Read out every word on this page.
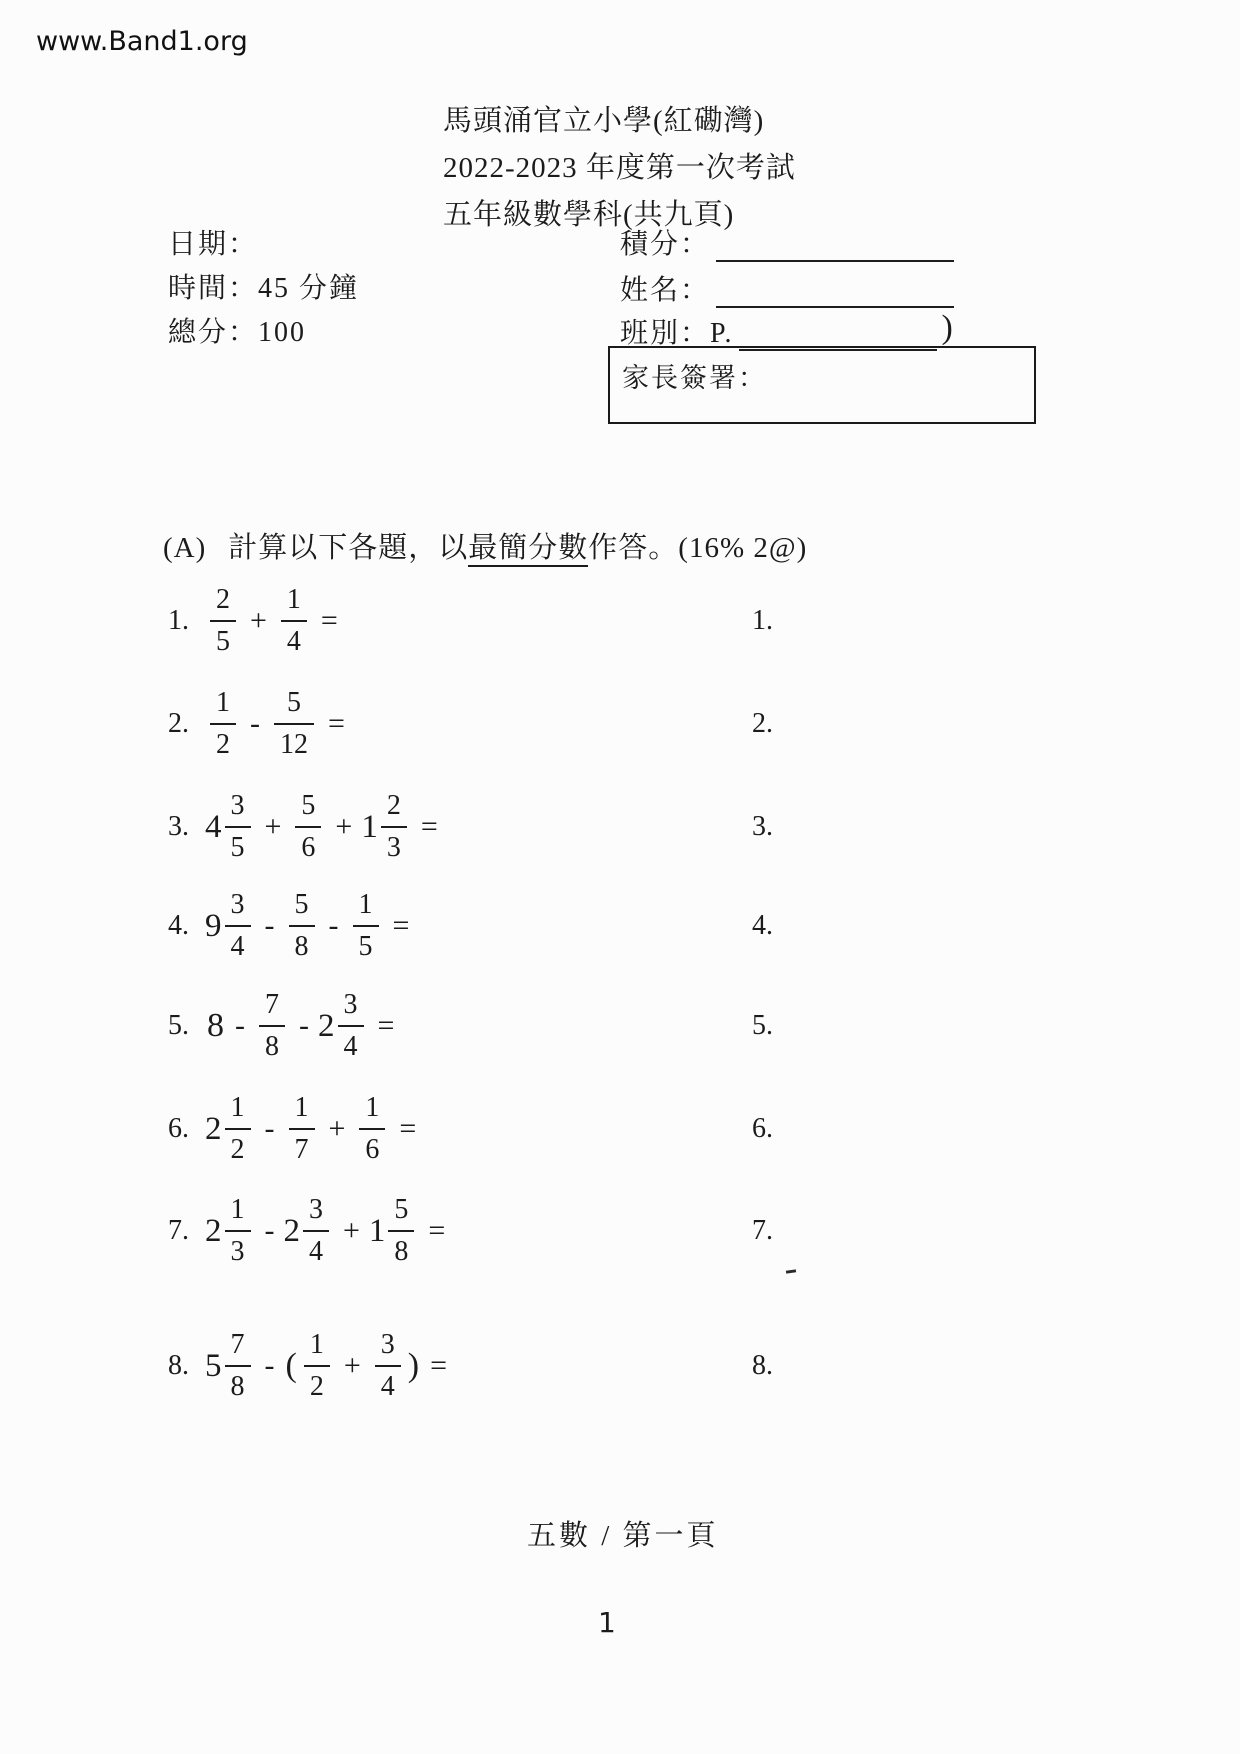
www.Band1.org
馬頭涌官立小學(紅磡灣)
2022-2023 年度第一次考試
五年級數學科(共九頁)
日期：
時間：45 分鐘
總分：100
積分：
姓名：
班別：P.	)
家長簽署：
(A) 計算以下各題，以最簡分數作答。(16% 2@)
1. $\frac{2}{5} + \frac{1}{4}$ =	1.
2. $\frac{1}{2} - \frac{5}{12}$ =	2.
3. $4 \frac{3}{5} + \frac{5}{6} + 1 \frac{2}{3}$ =	3.
4. $9 \frac{3}{4} - \frac{5}{8} - \frac{1}{5}$ =	4.
5. $8 - \frac{7}{8} - 2 \frac{3}{4}$ =	5.
6. $2 \frac{1}{2} - \frac{1}{7} + \frac{1}{6}$ =	6.
7. $2 \frac{1}{3} - 2 \frac{3}{4} + 1 \frac{5}{8}$ =	7.
8. $5 \frac{7}{8}$ - ( $\frac{1}{2} + \frac{3}{4}$ ) =	8.
五數 / 第一頁
1
